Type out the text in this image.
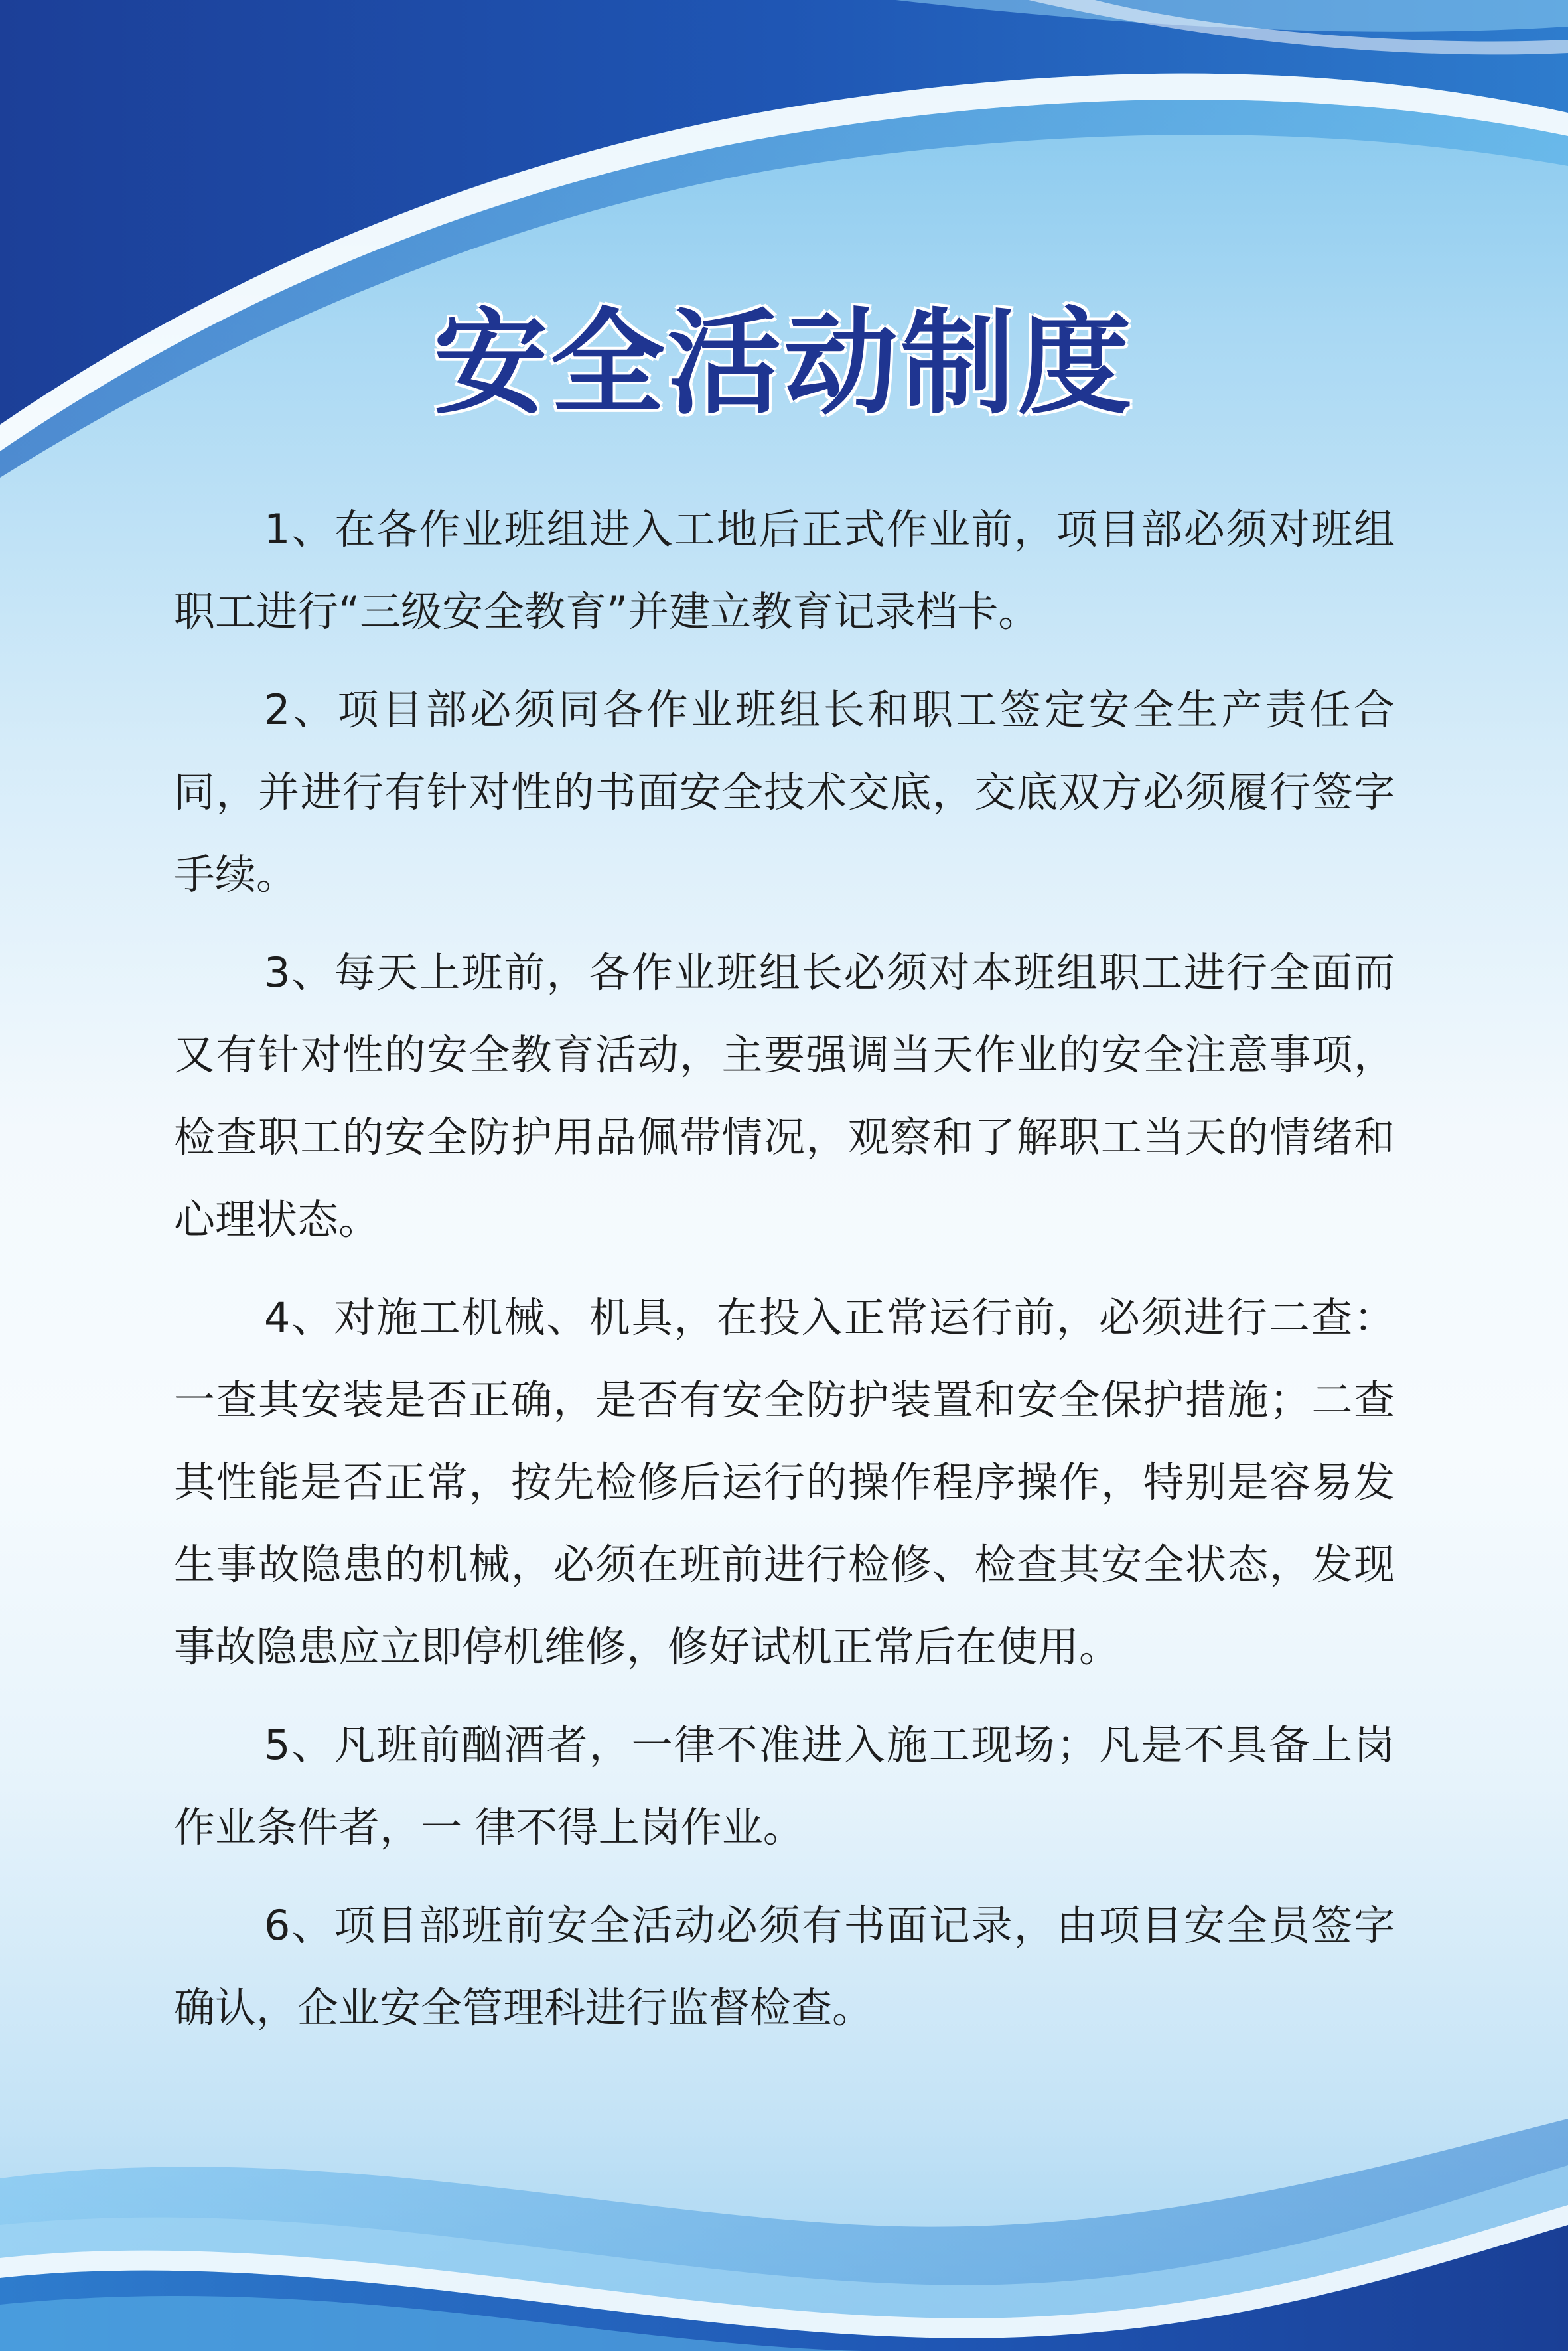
安全活动制度

1、在各作业班组进入工地后正式作业前，项目部必须对班组职工进行“三级安全教育”并建立教育记录档卡。

2、项目部必须同各作业班组长和职工签定安全生产责任合同，并进行有针对性的书面安全技术交底，交底双方必须履行签字手续。

3、每天上班前，各作业班组长必须对本班组职工进行全面而又有针对性的安全教育活动，主要强调当天作业的安全注意事项，检查职工的安全防护用品佩带情况，观察和了解职工当天的情绪和心理状态。

4、对施工机械、机具，在投入正常运行前，必须进行二查：一查其安装是否正确，是否有安全防护装置和安全保护措施；二查其性能是否正常，按先检修后运行的操作程序操作，特别是容易发生事故隐患的机械，必须在班前进行检修、检查其安全状态，发现事故隐患应立即停机维修，修好试机正常后在使用。

5、凡班前酗酒者，一律不准进入施工现场；凡是不具备上岗作业条件者，一 律不得上岗作业。

6、项目部班前安全活动必须有书面记录，由项目安全员签字确认，企业安全管理科进行监督检查。
